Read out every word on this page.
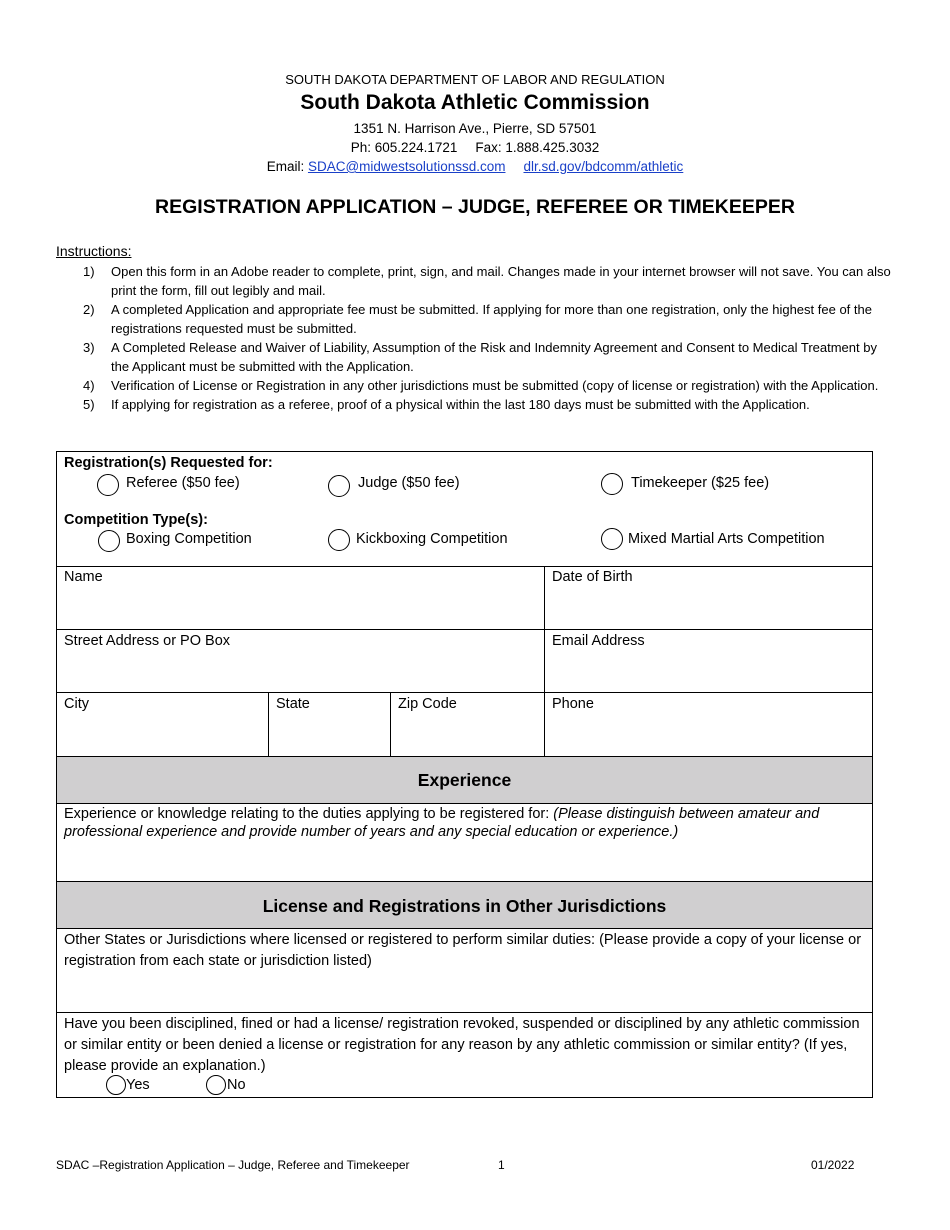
SOUTH DAKOTA DEPARTMENT OF LABOR AND REGULATION
South Dakota Athletic Commission
1351 N. Harrison Ave., Pierre, SD 57501
Ph: 605.224.1721 Fax: 1.888.425.3032
Email: SDAC@midwestsolutionssd.com dlr.sd.gov/bdcomm/athletic
REGISTRATION APPLICATION – JUDGE, REFEREE OR TIMEKEEPER
Instructions:
1) Open this form in an Adobe reader to complete, print, sign, and mail. Changes made in your internet browser will not save. You can also print the form, fill out legibly and mail.
2) A completed Application and appropriate fee must be submitted. If applying for more than one registration, only the highest fee of the registrations requested must be submitted.
3) A Completed Release and Waiver of Liability, Assumption of the Risk and Indemnity Agreement and Consent to Medical Treatment by the Applicant must be submitted with the Application.
4) Verification of License or Registration in any other jurisdictions must be submitted (copy of license or registration) with the Application.
5) If applying for registration as a referee, proof of a physical within the last 180 days must be submitted with the Application.
Registration(s) Requested for:
Referee ($50 fee)	Judge ($50 fee)	Timekeeper ($25 fee)
Competition Type(s):
Boxing Competition	Kickboxing Competition	Mixed Martial Arts Competition
Name	Date of Birth
Street Address or PO Box	Email Address
City	State	Zip Code	Phone
Experience
Experience or knowledge relating to the duties applying to be registered for: (Please distinguish between amateur and professional experience and provide number of years and any special education or experience.)
License and Registrations in Other Jurisdictions
Other States or Jurisdictions where licensed or registered to perform similar duties: (Please provide a copy of your license or registration from each state or jurisdiction listed)
Have you been disciplined, fined or had a license/ registration revoked, suspended or disciplined by any athletic commission or similar entity or been denied a license or registration for any reason by any athletic commission or similar entity? (If yes, please provide an explanation.)
Yes	No
SDAC –Registration Application – Judge, Referee and Timekeeper	1	01/2022
